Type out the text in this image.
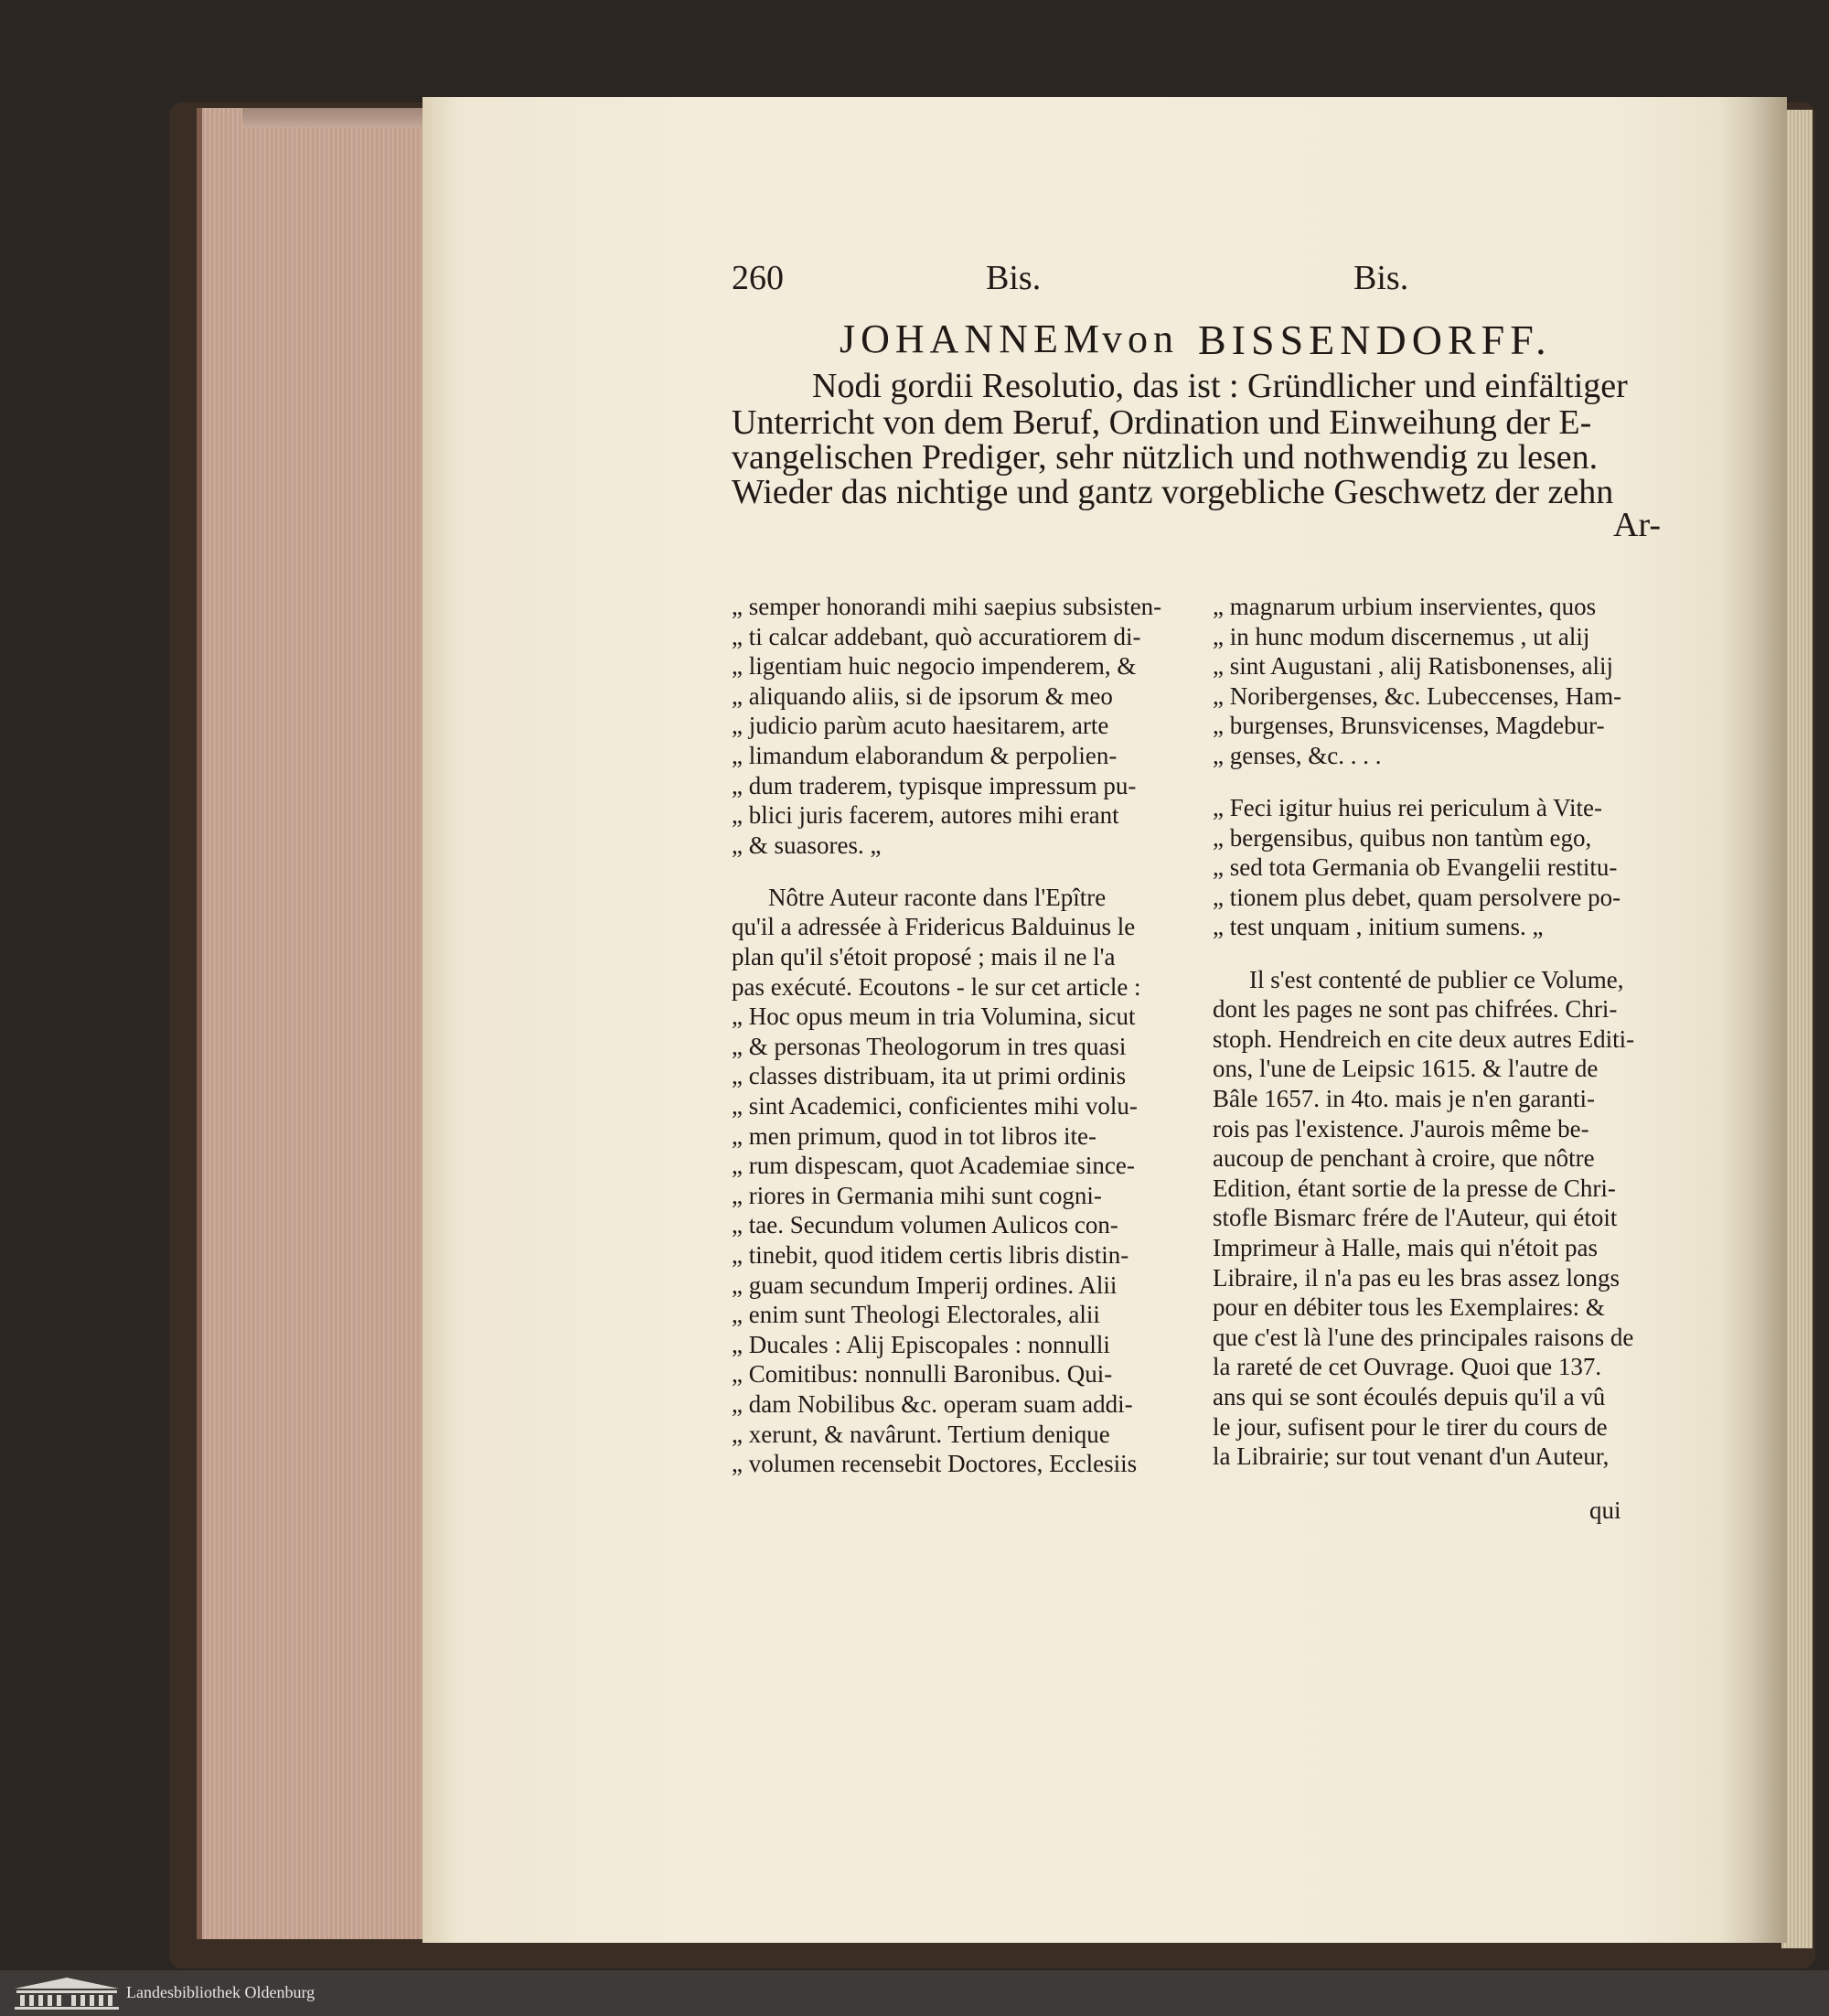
260	Bis.	Bis.
JOHANNEM
von BISSENDORFF.
Nodi gordii Resolutio, das ist : Gründlicher und einfältiger
Unterricht von dem Beruf, Ordination und Einweihung der E-
vangelischen Prediger, sehr nützlich und nothwendig zu lesen.
Wieder das nichtige und gantz vorgebliche Geschwetz der zehn
Ar-
„ semper honorandi mihi saepius subsisten-
„ ti calcar addebant, quò accuratiorem di-
„ ligentiam huic negocio impenderem, &
„ aliquando aliis, si de ipsorum & meo
„ judicio parùm acuto haesitarem, arte
„ limandum elaborandum & perpolien-
„ dum traderem, typisque impressum pu-
„ blici juris facerem, autores mihi erant
„ & suasores. „
Nôtre Auteur raconte dans l'Epître
qu'il a adressée à Fridericus Balduinus le
plan qu'il s'étoit proposé ; mais il ne l'a
pas exécuté. Ecoutons - le sur cet article :
„ Hoc opus meum in tria Volumina, sicut
„ & personas Theologorum in tres quasi
„ classes distribuam, ita ut primi ordinis
„ sint Academici, conficientes mihi volu-
„ men primum, quod in tot libros ite-
„ rum dispescam, quot Academiae since-
„ riores in Germania mihi sunt cogni-
„ tae. Secundum volumen Aulicos con-
„ tinebit, quod itidem certis libris distin-
„ guam secundum Imperij ordines. Alii
„ enim sunt Theologi Electorales, alii
„ Ducales : Alij Episcopales : nonnulli
„ Comitibus: nonnulli Baronibus. Qui-
„ dam Nobilibus &c. operam suam addi-
„ xerunt, & navârunt. Tertium denique
„ volumen recensebit Doctores, Ecclesiis
„ magnarum urbium inservientes, quos
„ in hunc modum discernemus , ut alij
„ sint Augustani , alij Ratisbonenses, alij
„ Noribergenses, &c. Lubeccenses, Ham-
„ burgenses, Brunsvicenses, Magdebur-
„ genses, &c. . . .
„ Feci igitur huius rei periculum à Vite-
„ bergensibus, quibus non tantùm ego,
„ sed tota Germania ob Evangelii restitu-
„ tionem plus debet, quam persolvere po-
„ test unquam , initium sumens. „
Il s'est contenté de publier ce Volume,
dont les pages ne sont pas chifrées. Chri-
stoph. Hendreich en cite deux autres Editi-
ons, l'une de Leipsic 1615. & l'autre de
Bâle 1657. in 4to. mais je n'en garanti-
rois pas l'existence. J'aurois même be-
aucoup de penchant à croire, que nôtre
Edition, étant sortie de la presse de Chri-
stofle Bismarc frére de l'Auteur, qui étoit
Imprimeur à Halle, mais qui n'étoit pas
Libraire, il n'a pas eu les bras assez longs
pour en débiter tous les Exemplaires: &
que c'est là l'une des principales raisons de
la rareté de cet Ouvrage. Quoi que 137.
ans qui se sont écoulés depuis qu'il a vû
le jour, sufisent pour le tirer du cours de
la Librairie; sur tout venant d'un Auteur,
qui
Landesbibliothek Oldenburg
